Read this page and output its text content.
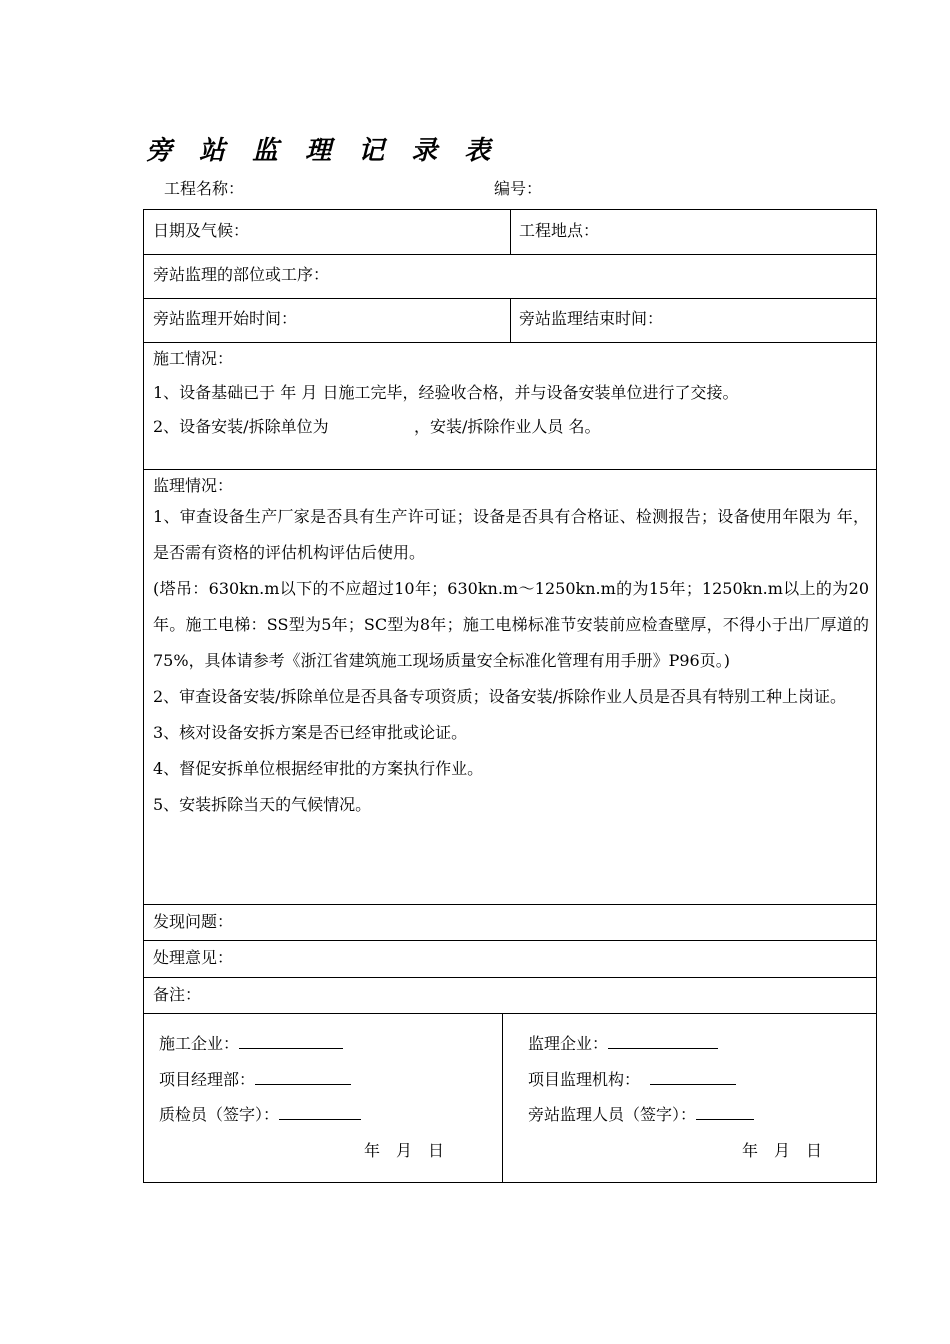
旁 站 监 理 记 录 表
工程名称：	编号：
日期及气候：	工程地点：
旁站监理的部位或工序：
旁站监理开始时间：	旁站监理结束时间：
施工情况：
1、设备基础已于 年 月 日施工完毕，经验收合格，并与设备安装单位进行了交接。
2、设备安装/拆除单位为	，安装/拆除作业人员 名。
监理情况：

1、审查设备生产厂家是否具有生产许可证；设备是否具有合格证、检测报告；设备使用年限为 年，是否需有资格的评估机构评估后使用。

(塔吊：630kn.m以下的不应超过10年；630kn.m～1250kn.m的为15年；1250kn.m以上的为20年。施工电梯：SS型为5年；SC型为8年；施工电梯标准节安装前应检查壁厚，不得小于出厂厚道的75%，具体请参考《浙江省建筑施工现场质量安全标准化管理有用手册》P96页。)

2、审查设备安装/拆除单位是否具备专项资质；设备安装/拆除作业人员是否具有特别工种上岗证。

3、核对设备安拆方案是否已经审批或论证。

4、督促安拆单位根据经审批的方案执行作业。

5、安装拆除当天的气候情况。

发现问题：
处理意见：
备注：
施工企业：
项目经理部：
质检员（签字）：
年　月　日
监理企业：
项目监理机构：
旁站监理人员（签字）：
年　月　日
